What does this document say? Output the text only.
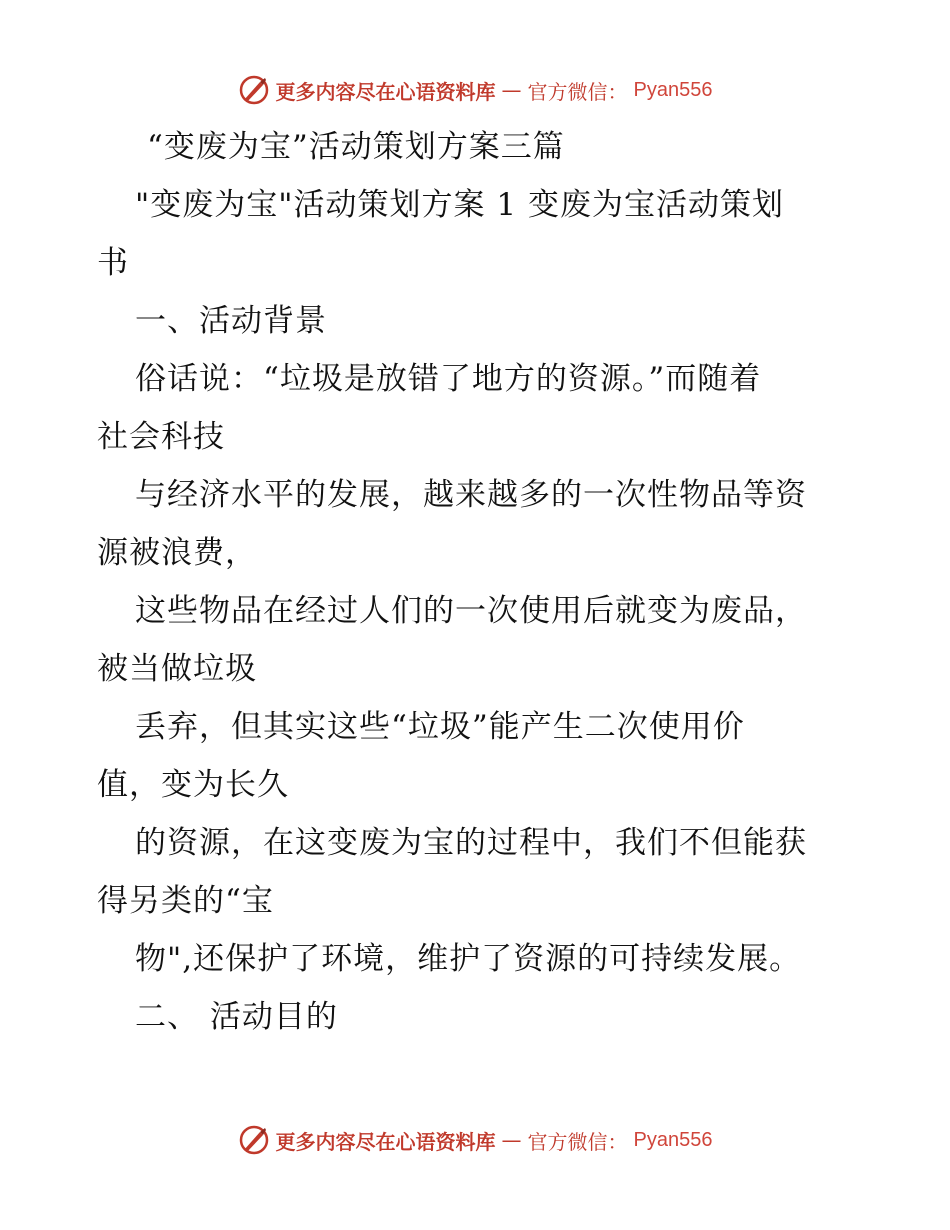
更多内容尽在心语资料库 — 官方微信： Pyan556
“变废为宝”活动策划方案三篇
"变废为宝"活动策划方案 1 变废为宝活动策划
书
一、活动背景
俗话说：“垃圾是放错了地方的资源。”而随着
社会科技
与经济水平的发展，越来越多的一次性物品等资
源被浪费，
这些物品在经过人们的一次使用后就变为废品，
被当做垃圾
丢弃，但其实这些“垃圾”能产生二次使用价
值，变为长久
的资源，在这变废为宝的过程中，我们不但能获
得另类的“宝
物",还保护了环境，维护了资源的可持续发展。
二、 活动目的
更多内容尽在心语资料库 — 官方微信： Pyan556
